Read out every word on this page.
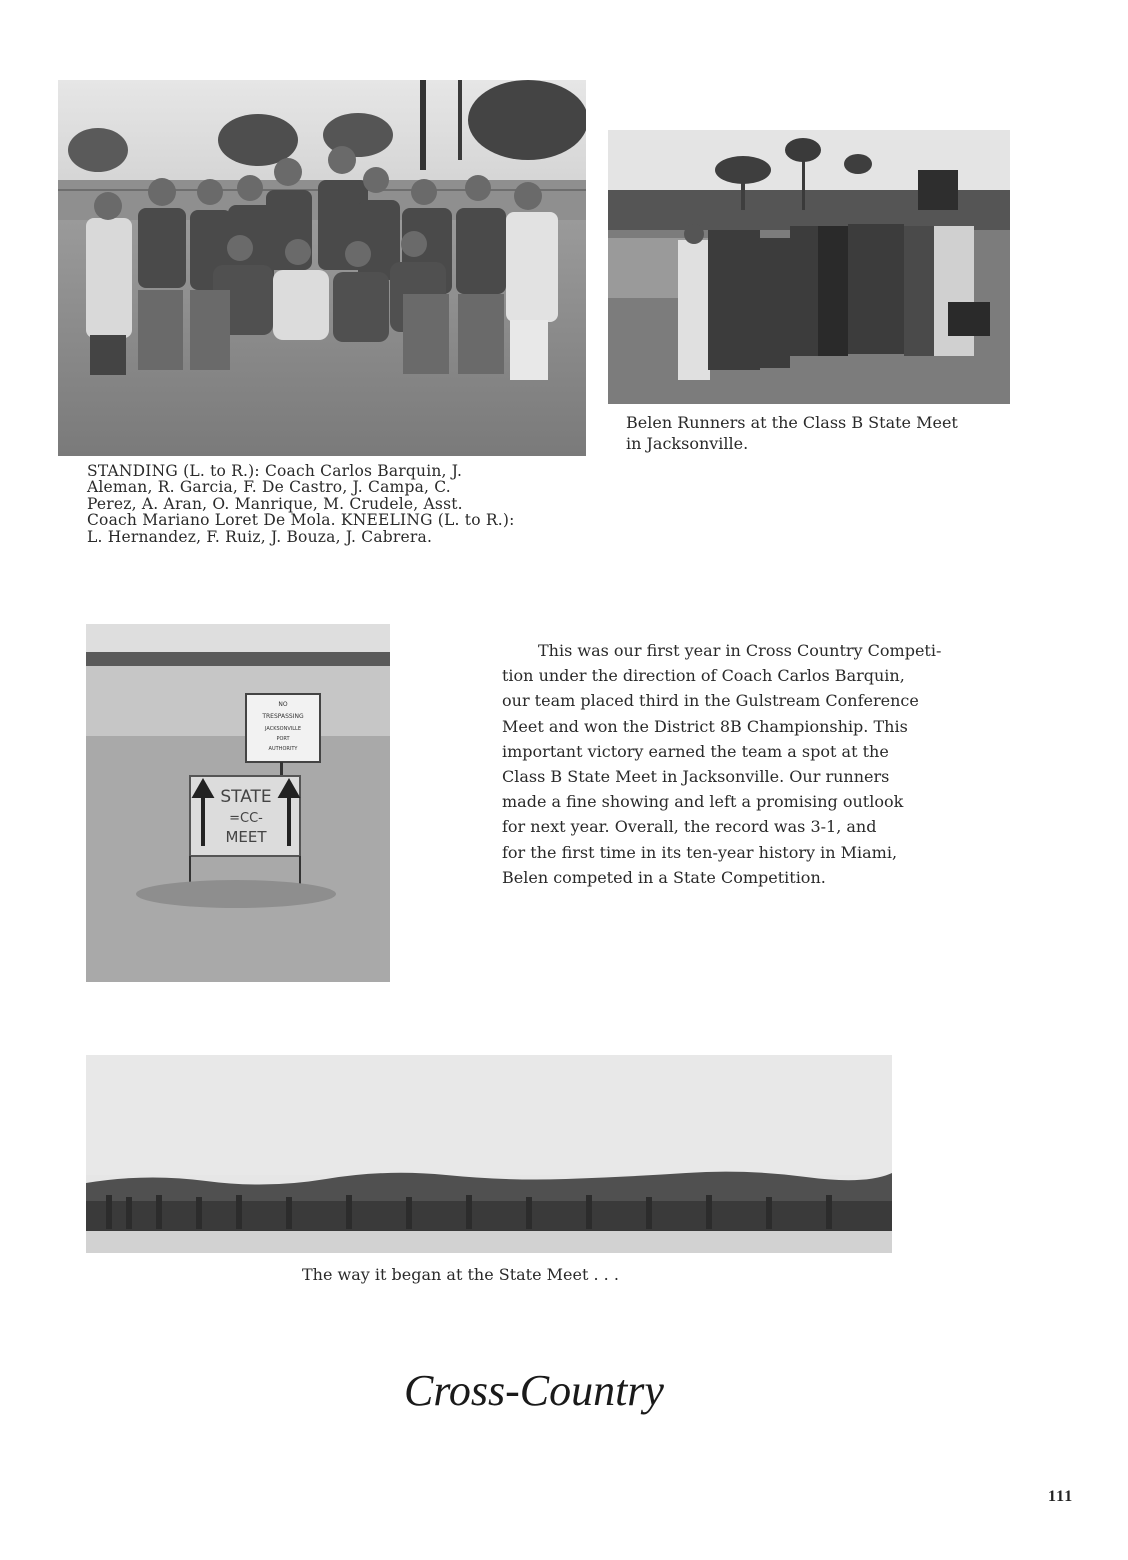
Belen Runners at the Class B State Meet
in Jacksonville.
STANDING (L. to R.): Coach Carlos Barquin, J.
Aleman, R. Garcia, F. De Castro, J. Campa, C.
Perez, A. Aran, O. Manrique, M. Crudele, Asst.
Coach Mariano Loret De Mola. KNEELING (L. to R.):
L. Hernandez, F. Ruiz, J. Bouza, J. Cabrera.
NO
TRESPASSING
JACKSONVILLE
PORT
AUTHORITY
STATE
=CC-
MEET
This was our first year in Cross Country Competi-
tion under the direction of Coach Carlos Barquin,
our team placed third in the Gulstream Conference
Meet and won the District 8B Championship. This
important victory earned the team a spot at the
Class B State Meet in Jacksonville. Our runners
made a fine showing and left a promising outlook
for next year. Overall, the record was 3-1, and
for the first time in its ten-year history in Miami,
Belen competed in a State Competition.
The way it began at the State Meet . . .
Cross-Country
111
